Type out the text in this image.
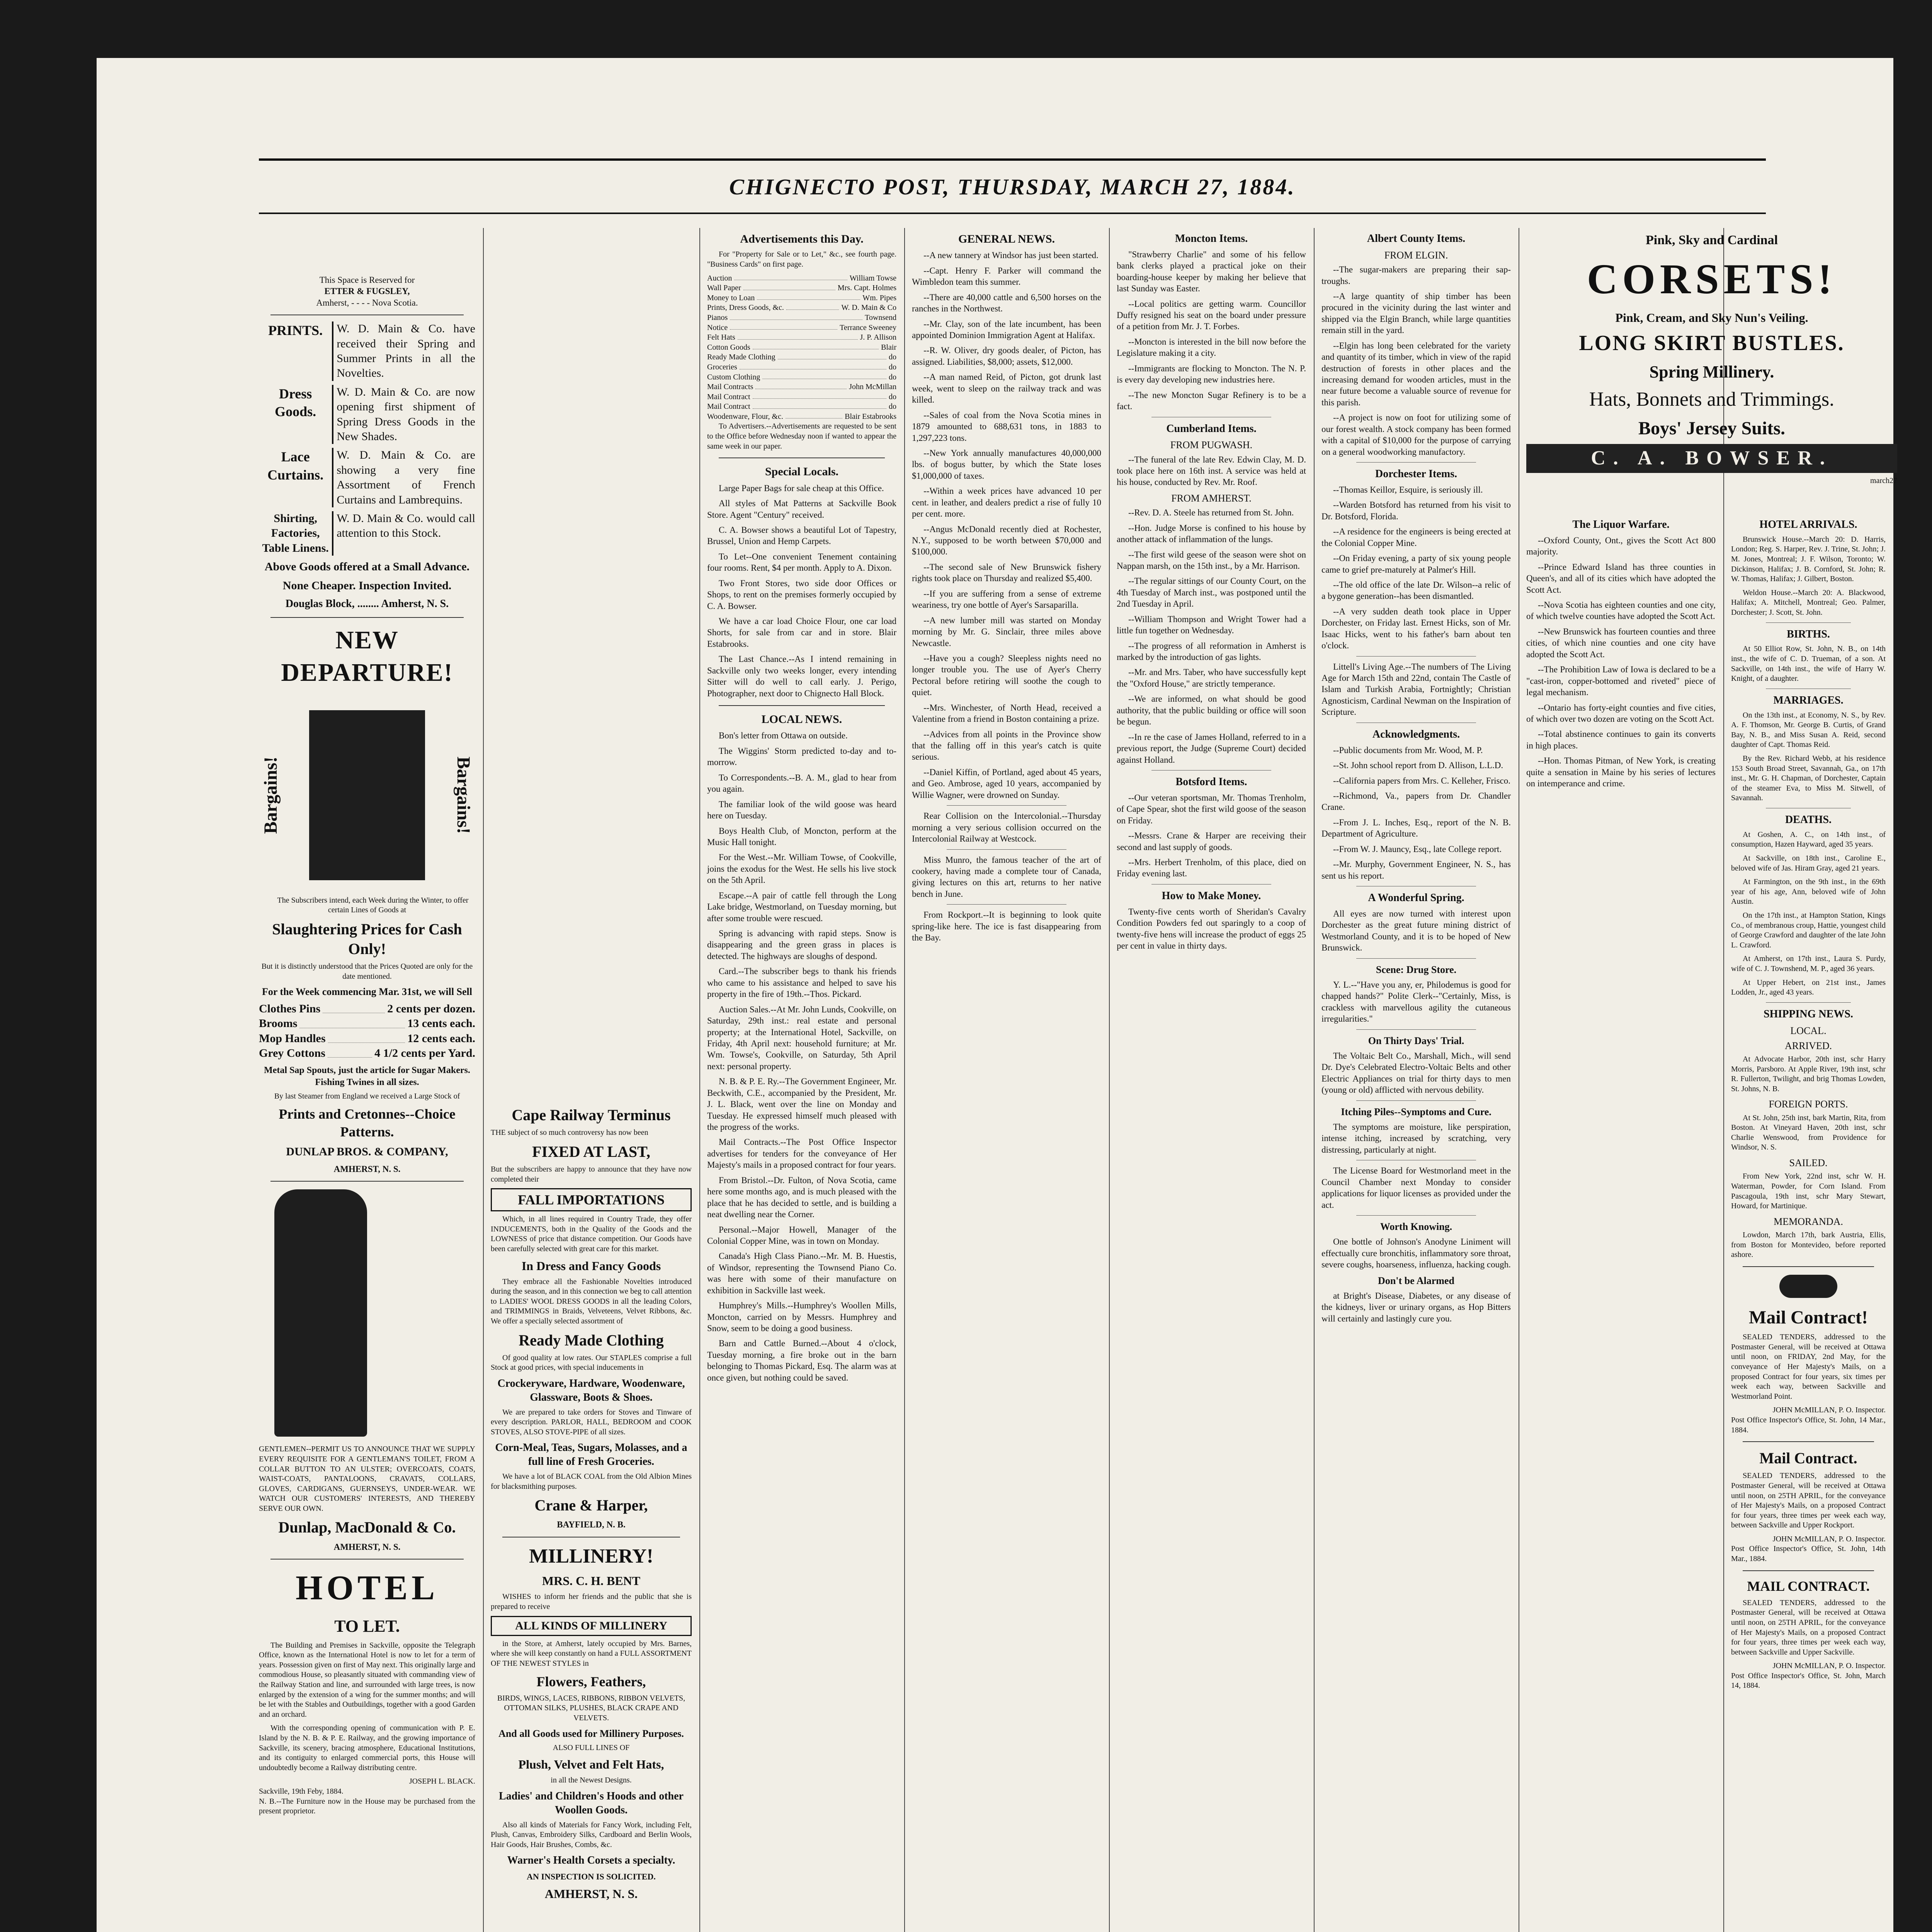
CHIGNECTO POST, THURSDAY, MARCH 27, 1884.
This Space is Reserved for
ETTER & FUGSLEY,
Amherst, - - - - Nova Scotia.
PRINTS.	W. D. Main & Co. have received their Spring and Summer Prints in all the Novelties.
Dress Goods.
W. D. Main & Co. are now opening first shipment of Spring Dress Goods in the New Shades.
Lace Curtains.
W. D. Main & Co. are showing a very fine Assortment of French Curtains and Lambrequins.
Shirting, Factories, Table Linens.
W. D. Main & Co. would call attention to this Stock.
Above Goods offered at a Small Advance.
None Cheaper. Inspection Invited.
Douglas Block, ........ Amherst, N. S.
NEW DEPARTURE!
Bargains!	Bargains!
The Subscribers intend, each Week during the Winter, to offer certain Lines of Goods at
Slaughtering Prices for Cash Only!
But it is distinctly understood that the Prices Quoted are only for the date mentioned.
For the Week commencing Mar. 31st, we will Sell
Clothes Pins	2 cents per dozen.
Brooms	13 cents each.
Mop Handles	12 cents each.
Grey Cottons	4 1/2 cents per Yard.
Metal Sap Spouts, just the article for Sugar Makers. Fishing Twines in all sizes.
By last Steamer from England we received a Large Stock of
Prints and Cretonnes--Choice Patterns.
DUNLAP BROS. & COMPANY,
AMHERST, N. S.
GENTLEMEN--PERMIT US TO ANNOUNCE THAT WE SUPPLY EVERY REQUISITE FOR A GENTLEMAN'S TOILET, FROM A COLLAR BUTTON TO AN ULSTER; OVERCOATS, COATS, WAIST-COATS, PANTALOONS, CRAVATS, COLLARS, GLOVES, CARDIGANS, GUERNSEYS, UNDER-WEAR. WE WATCH OUR CUSTOMERS' INTERESTS, AND THEREBY SERVE OUR OWN.
Dunlap, MacDonald & Co.
AMHERST, N. S.
HOTEL
TO LET.
The Building and Premises in Sackville, opposite the Telegraph Office, known as the International Hotel is now to let for a term of years. Possession given on first of May next. This originally large and commodious House, so pleasantly situated with commanding view of the Railway Station and line, and surrounded with large trees, is now enlarged by the extension of a wing for the summer months; and will be let with the Stables and Outbuildings, together with a good Garden and an orchard.
With the corresponding opening of communication with P. E. Island by the N. B. & P. E. Railway, and the growing importance of Sackville, its scenery, bracing atmosphere, Educational Institutions, and its contiguity to enlarged commercial ports, this House will undoubtedly become a Railway distributing centre.
JOSEPH L. BLACK.
Sackville, 19th Feby, 1884.
N. B.--The Furniture now in the House may be purchased from the present proprietor.
Cape Railway Terminus
THE subject of so much controversy has now been
FIXED AT LAST,
But the subscribers are happy to announce that they have now completed their
FALL IMPORTATIONS
Which, in all lines required in Country Trade, they offer INDUCEMENTS, both in the Quality of the Goods and the LOWNESS of price that distance competition. Our Goods have been carefully selected with great care for this market.
In Dress and Fancy Goods
They embrace all the Fashionable Novelties introduced during the season, and in this connection we beg to call attention to LADIES' WOOL DRESS GOODS in all the leading Colors, and TRIMMINGS in Braids, Velveteens, Velvet Ribbons, &c. We offer a specially selected assortment of
Ready Made Clothing
Of good quality at low rates. Our STAPLES comprise a full Stock at good prices, with special inducements in
Crockeryware, Hardware, Woodenware, Glassware, Boots & Shoes.
We are prepared to take orders for Stoves and Tinware of every description. PARLOR, HALL, BEDROOM and COOK STOVES, ALSO STOVE-PIPE of all sizes.
Corn-Meal, Teas, Sugars, Molasses, and a full line of Fresh Groceries.
We have a lot of BLACK COAL from the Old Albion Mines for blacksmithing purposes.
Crane & Harper,
BAYFIELD, N. B.
MILLINERY!
MRS. C. H. BENT
WISHES to inform her friends and the public that she is prepared to receive
ALL KINDS OF MILLINERY
in the Store, at Amherst, lately occupied by Mrs. Barnes, where she will keep constantly on hand a FULL ASSORTMENT OF THE NEWEST STYLES in
Flowers, Feathers,
BIRDS, WINGS, LACES, RIBBONS, RIBBON VELVETS, OTTOMAN SILKS, PLUSHES, BLACK CRAPE AND VELVETS.
And all Goods used for Millinery Purposes.
ALSO FULL LINES OF
Plush, Velvet and Felt Hats,
in all the Newest Designs.
Ladies' and Children's Hoods and other Woollen Goods.
Also all kinds of Materials for Fancy Work, including Felt, Plush, Canvas, Embroidery Silks, Cardboard and Berlin Wools, Hair Goods, Hair Brushes, Combs, &c.
Warner's Health Corsets a specialty.
AN INSPECTION IS SOLICITED.
AMHERST, N. S.
Advertisements this Day.
For "Property for Sale or to Let," &c., see fourth page. "Business Cards" on first page.
Auction	William Towse
Wall Paper	Mrs. Capt. Holmes
Money to Loan	Wm. Pipes
Prints, Dress Goods, &c.	W. D. Main & Co
Pianos	Townsend
Notice	Terrance Sweeney
Felt Hats	J. P. Allison
Cotton Goods	Blair
Ready Made Clothing	do
Groceries	do
Custom Clothing	do
Mail Contracts	John McMillan
Mail Contract	do
Mail Contract	do
Woodenware, Flour, &c.	Blair Estabrooks
To Advertisers.--Advertisements are requested to be sent to the Office before Wednesday noon if wanted to appear the same week in our paper.
Special Locals.
Large Paper Bags for sale cheap at this Office.
All styles of Mat Patterns at Sackville Book Store. Agent "Century" received.
C. A. Bowser shows a beautiful Lot of Tapestry, Brussel, Union and Hemp Carpets.
To Let--One convenient Tenement containing four rooms. Rent, $4 per month. Apply to A. Dixon.
Two Front Stores, two side door Offices or Shops, to rent on the premises formerly occupied by C. A. Bowser.
We have a car load Choice Flour, one car load Shorts, for sale from car and in store. Blair Estabrooks.
The Last Chance.--As I intend remaining in Sackville only two weeks longer, every intending Sitter will do well to call early. J. Perigo, Photographer, next door to Chignecto Hall Block.
LOCAL NEWS.
Bon's letter from Ottawa on outside.
The Wiggins' Storm predicted to-day and to-morrow.
To Correspondents.--B. A. M., glad to hear from you again.
The familiar look of the wild goose was heard here on Tuesday.
Boys Health Club, of Moncton, perform at the Music Hall tonight.
For the West.--Mr. William Towse, of Cookville, joins the exodus for the West. He sells his live stock on the 5th April.
Escape.--A pair of cattle fell through the Long Lake bridge, Westmorland, on Tuesday morning, but after some trouble were rescued.
Spring is advancing with rapid steps. Snow is disappearing and the green grass in places is detected. The highways are sloughs of despond.
Card.--The subscriber begs to thank his friends who came to his assistance and helped to save his property in the fire of 19th.--Thos. Pickard.
Auction Sales.--At Mr. John Lunds, Cookville, on Saturday, 29th inst.: real estate and personal property; at the International Hotel, Sackville, on Friday, 4th April next: household furniture; at Mr. Wm. Towse's, Cookville, on Saturday, 5th April next: personal property.
N. B. & P. E. Ry.--The Government Engineer, Mr. Beckwith, C.E., accompanied by the President, Mr. J. L. Black, went over the line on Monday and Tuesday. He expressed himself much pleased with the progress of the works.
Mail Contracts.--The Post Office Inspector advertises for tenders for the conveyance of Her Majesty's mails in a proposed contract for four years.
From Bristol.--Dr. Fulton, of Nova Scotia, came here some months ago, and is much pleased with the place that he has decided to settle, and is building a neat dwelling near the Corner.
Personal.--Major Howell, Manager of the Colonial Copper Mine, was in town on Monday.
Canada's High Class Piano.--Mr. M. B. Huestis, of Windsor, representing the Townsend Piano Co. was here with some of their manufacture on exhibition in Sackville last week.
Humphrey's Mills.--Humphrey's Woollen Mills, Moncton, carried on by Messrs. Humphrey and Snow, seem to be doing a good business.
Barn and Cattle Burned.--About 4 o'clock, Tuesday morning, a fire broke out in the barn belonging to Thomas Pickard, Esq. The alarm was at once given, but nothing could be saved.
GENERAL NEWS.
--A new tannery at Windsor has just been started.
--Capt. Henry F. Parker will command the Wimbledon team this summer.
--There are 40,000 cattle and 6,500 horses on the ranches in the Northwest.
--Mr. Clay, son of the late incumbent, has been appointed Dominion Immigration Agent at Halifax.
--R. W. Oliver, dry goods dealer, of Picton, has assigned. Liabilities, $8,000; assets, $12,000.
--A man named Reid, of Picton, got drunk last week, went to sleep on the railway track and was killed.
--Sales of coal from the Nova Scotia mines in 1879 amounted to 688,631 tons, in 1883 to 1,297,223 tons.
--New York annually manufactures 40,000,000 lbs. of bogus butter, by which the State loses $1,000,000 of taxes.
--Within a week prices have advanced 10 per cent. in leather, and dealers predict a rise of fully 10 per cent. more.
--Angus McDonald recently died at Rochester, N.Y., supposed to be worth between $70,000 and $100,000.
--The second sale of New Brunswick fishery rights took place on Thursday and realized $5,400.
--If you are suffering from a sense of extreme weariness, try one bottle of Ayer's Sarsaparilla.
--A new lumber mill was started on Monday morning by Mr. G. Sinclair, three miles above Newcastle.
--Have you a cough? Sleepless nights need no longer trouble you. The use of Ayer's Cherry Pectoral before retiring will soothe the cough to quiet.
--Mrs. Winchester, of North Head, received a Valentine from a friend in Boston containing a prize.
--Advices from all points in the Province show that the falling off in this year's catch is quite serious.
--Daniel Kiffin, of Portland, aged about 45 years, and Geo. Ambrose, aged 10 years, accompanied by Willie Wagner, were drowned on Sunday.
Rear Collision on the Intercolonial.--Thursday morning a very serious collision occurred on the Intercolonial Railway at Westcock.
Miss Munro, the famous teacher of the art of cookery, having made a complete tour of Canada, giving lectures on this art, returns to her native bench in June.
From Rockport.--It is beginning to look quite spring-like here. The ice is fast disappearing from the Bay.
Moncton Items.
"Strawberry Charlie" and some of his fellow bank clerks played a practical joke on their boarding-house keeper by making her believe that last Sunday was Easter.
--Local politics are getting warm. Councillor Duffy resigned his seat on the board under pressure of a petition from Mr. J. T. Forbes.
--Moncton is interested in the bill now before the Legislature making it a city.
--Immigrants are flocking to Moncton. The N. P. is every day developing new industries here.
--The new Moncton Sugar Refinery is to be a fact.
Cumberland Items.
FROM PUGWASH.
--The funeral of the late Rev. Edwin Clay, M. D. took place here on 16th inst. A service was held at his house, conducted by Rev. Mr. Roof.
FROM AMHERST.
--Rev. D. A. Steele has returned from St. John.
--Hon. Judge Morse is confined to his house by another attack of inflammation of the lungs.
--The first wild geese of the season were shot on Nappan marsh, on the 15th inst., by a Mr. Harrison.
--The regular sittings of our County Court, on the 4th Tuesday of March inst., was postponed until the 2nd Tuesday in April.
--William Thompson and Wright Tower had a little fun together on Wednesday.
--The progress of all reformation in Amherst is marked by the introduction of gas lights.
--Mr. and Mrs. Taber, who have successfully kept the "Oxford House," are strictly temperance.
--We are informed, on what should be good authority, that the public building or office will soon be begun.
--In re the case of James Holland, referred to in a previous report, the Judge (Supreme Court) decided against Holland.
Botsford Items.
--Our veteran sportsman, Mr. Thomas Trenholm, of Cape Spear, shot the first wild goose of the season on Friday.
--Messrs. Crane & Harper are receiving their second and last supply of goods.
--Mrs. Herbert Trenholm, of this place, died on Friday evening last.
How to Make Money.
Twenty-five cents worth of Sheridan's Cavalry Condition Powders fed out sparingly to a coop of twenty-five hens will increase the product of eggs 25 per cent in value in thirty days.
Albert County Items.
FROM ELGIN.
--The sugar-makers are preparing their sap-troughs.
--A large quantity of ship timber has been procured in the vicinity during the last winter and shipped via the Elgin Branch, while large quantities remain still in the yard.
--Elgin has long been celebrated for the variety and quantity of its timber, which in view of the rapid destruction of forests in other places and the increasing demand for wooden articles, must in the near future become a valuable source of revenue for this parish.
--A project is now on foot for utilizing some of our forest wealth. A stock company has been formed with a capital of $10,000 for the purpose of carrying on a general woodworking manufactory.
Dorchester Items.
--Thomas Keillor, Esquire, is seriously ill.
--Warden Botsford has returned from his visit to Dr. Botsford, Florida.
--A residence for the engineers is being erected at the Colonial Copper Mine.
--On Friday evening, a party of six young people came to grief pre-maturely at Palmer's Hill.
--The old office of the late Dr. Wilson--a relic of a bygone generation--has been dismantled.
--A very sudden death took place in Upper Dorchester, on Friday last. Ernest Hicks, son of Mr. Isaac Hicks, went to his father's barn about ten o'clock.
Littell's Living Age.--The numbers of The Living Age for March 15th and 22nd, contain The Castle of Islam and Turkish Arabia, Fortnightly; Christian Agnosticism, Cardinal Newman on the Inspiration of Scripture.
Acknowledgments.
--Public documents from Mr. Wood, M. P.
--St. John school report from D. Allison, L.L.D.
--California papers from Mrs. C. Kelleher, Frisco.
--Richmond, Va., papers from Dr. Chandler Crane.
--From J. L. Inches, Esq., report of the N. B. Department of Agriculture.
--From W. J. Mauncy, Esq., late College report.
--Mr. Murphy, Government Engineer, N. S., has sent us his report.
A Wonderful Spring.
All eyes are now turned with interest upon Dorchester as the great future mining district of Westmorland County, and it is to be hoped of New Brunswick.
Scene: Drug Store.
Y. L.--"Have you any, er, Philodemus is good for chapped hands?" Polite Clerk--"Certainly, Miss, is crackless with marvellous agility the cutaneous irregularities."
On Thirty Days' Trial.
The Voltaic Belt Co., Marshall, Mich., will send Dr. Dye's Celebrated Electro-Voltaic Belts and other Electric Appliances on trial for thirty days to men (young or old) afflicted with nervous debility.
Itching Piles--Symptoms and Cure.
The symptoms are moisture, like perspiration, intense itching, increased by scratching, very distressing, particularly at night.
The License Board for Westmorland meet in the Council Chamber next Monday to consider applications for liquor licenses as provided under the act.
Worth Knowing.
One bottle of Johnson's Anodyne Liniment will effectually cure bronchitis, inflammatory sore throat, severe coughs, hoarseness, influenza, hacking cough.
Don't be Alarmed
at Bright's Disease, Diabetes, or any disease of the kidneys, liver or urinary organs, as Hop Bitters will certainly and lastingly cure you.
Pink, Sky and Cardinal
CORSETS!
Pink, Cream, and Sky Nun's Veiling.
LONG SKIRT BUSTLES.
Spring Millinery.
Hats, Bonnets and Trimmings.
Boys' Jersey Suits.
C. A. BOWSER.
march27
The Liquor Warfare.
--Oxford County, Ont., gives the Scott Act 800 majority.
--Prince Edward Island has three counties in Queen's, and all of its cities which have adopted the Scott Act.
--Nova Scotia has eighteen counties and one city, of which twelve counties have adopted the Scott Act.
--New Brunswick has fourteen counties and three cities, of which nine counties and one city have adopted the Scott Act.
--The Prohibition Law of Iowa is declared to be a "cast-iron, copper-bottomed and riveted" piece of legal mechanism.
--Ontario has forty-eight counties and five cities, of which over two dozen are voting on the Scott Act.
--Total abstinence continues to gain its converts in high places.
--Hon. Thomas Pitman, of New York, is creating quite a sensation in Maine by his series of lectures on intemperance and crime.
HOTEL ARRIVALS.
Brunswick House.--March 20: D. Harris, London; Reg. S. Harper, Rev. J. Trine, St. John; J. M. Jones, Montreal; J. F. Wilson, Toronto; W. Dickinson, Halifax; J. B. Cornford, St. John; R. W. Thomas, Halifax; J. Gilbert, Boston.
Weldon House.--March 20: A. Blackwood, Halifax; A. Mitchell, Montreal; Geo. Palmer, Dorchester; J. Scott, St. John.
BIRTHS.
At 50 Elliot Row, St. John, N. B., on 14th inst., the wife of C. D. Trueman, of a son. At Sackville, on 14th inst., the wife of Harry W. Knight, of a daughter.
MARRIAGES.
On the 13th inst., at Economy, N. S., by Rev. A. F. Thomson, Mr. George B. Curtis, of Grand Bay, N. B., and Miss Susan A. Reid, second daughter of Capt. Thomas Reid.
By the Rev. Richard Webb, at his residence 153 South Broad Street, Savannah, Ga., on 17th inst., Mr. G. H. Chapman, of Dorchester, Captain of the steamer Eva, to Miss M. Sitwell, of Savannah.
DEATHS.
At Goshen, A. C., on 14th inst., of consumption, Hazen Hayward, aged 35 years.
At Sackville, on 18th inst., Caroline E., beloved wife of Jas. Hiram Gray, aged 21 years.
At Farmington, on the 9th inst., in the 69th year of his age, Ann, beloved wife of John Austin.
On the 17th inst., at Hampton Station, Kings Co., of membranous croup, Hattie, youngest child of George Crawford and daughter of the late John L. Crawford.
At Amherst, on 17th inst., Laura S. Purdy, wife of C. J. Townshend, M. P., aged 36 years.
At Upper Hebert, on 21st inst., James Lodden, Jr., aged 43 years.
SHIPPING NEWS.
LOCAL.
ARRIVED.
At Advocate Harbor, 20th inst, schr Harry Morris, Parsboro. At Apple River, 19th inst, schr R. Fullerton, Twilight, and brig Thomas Lowden, St. Johns, N. B.
FOREIGN PORTS.
At St. John, 25th inst, bark Martin, Rita, from Boston. At Vineyard Haven, 20th inst, schr Charlie Wenswood, from Providence for Windsor, N. S.
SAILED.
From New York, 22nd inst, schr W. H. Waterman, Powder, for Corn Island. From Pascagoula, 19th inst, schr Mary Stewart, Howard, for Martinique.
MEMORANDA.
Lowdon, March 17th, bark Austria, Ellis, from Boston for Montevideo, before reported ashore.
Mail Contract!
SEALED TENDERS, addressed to the Postmaster General, will be received at Ottawa until noon, on FRIDAY, 2nd May, for the conveyance of Her Majesty's Mails, on a proposed Contract for four years, six times per week each way, between Sackville and Westmorland Point.
JOHN McMILLAN, P. O. Inspector.
Post Office Inspector's Office, St. John, 14 Mar., 1884.
Mail Contract.
SEALED TENDERS, addressed to the Postmaster General, will be received at Ottawa until noon, on 25TH APRIL, for the conveyance of Her Majesty's Mails, on a proposed Contract for four years, three times per week each way, between Sackville and Upper Rockport.
JOHN McMILLAN, P. O. Inspector.
Post Office Inspector's Office, St. John, 14th Mar., 1884.
MAIL CONTRACT.
SEALED TENDERS, addressed to the Postmaster General, will be received at Ottawa until noon, on 25TH APRIL, for the conveyance of Her Majesty's Mails, on a proposed Contract for four years, three times per week each way, between Sackville and Upper Sackville.
JOHN McMILLAN, P. O. Inspector.
Post Office Inspector's Office, St. John, March 14, 1884.
